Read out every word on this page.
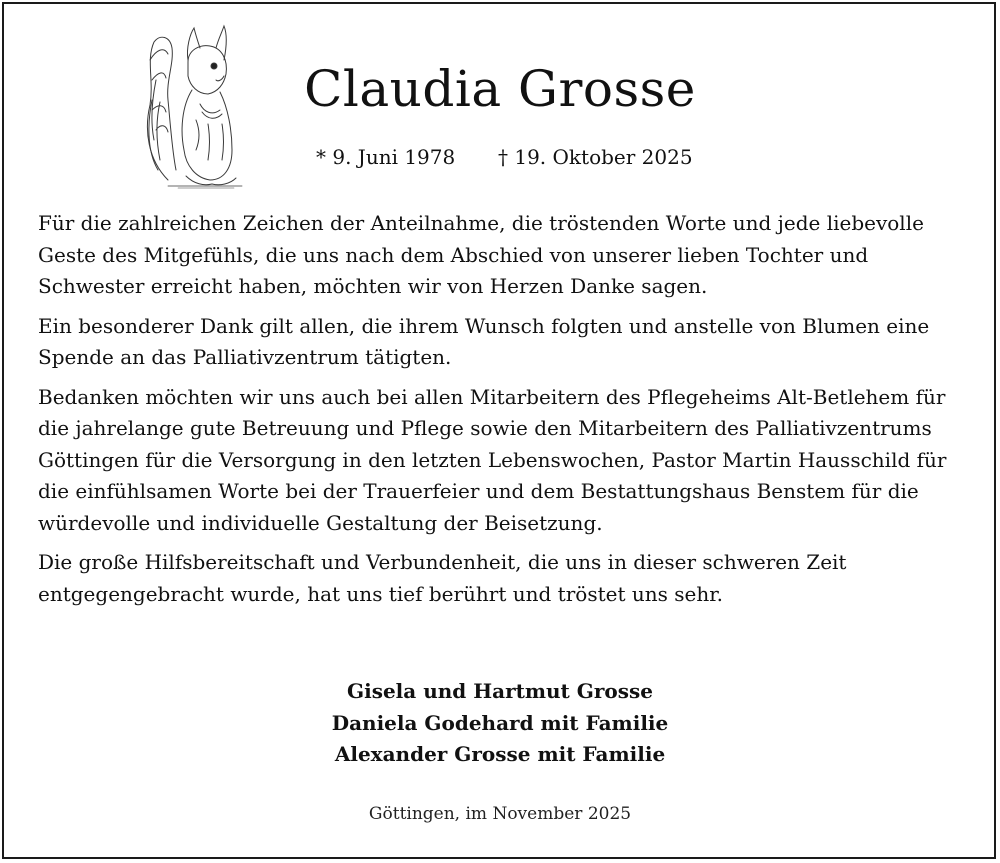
Claudia Grosse
* 9. Juni 1978 † 19. Oktober 2025

Für die zahlreichen Zeichen der Anteilnahme, die tröstenden Worte und jede liebevolle Geste des Mitgefühls, die uns nach dem Abschied von unserer lieben Tochter und Schwester erreicht haben, möchten wir von Herzen Danke sagen.

Ein besonderer Dank gilt allen, die ihrem Wunsch folgten und anstelle von Blumen eine Spende an das Palliativzentrum tätigten.

Bedanken möchten wir uns auch bei allen Mitarbeitern des Pflegeheims Alt-Betlehem für die jahrelange gute Betreuung und Pflege sowie den Mitarbeitern des Palliativzentrums Göttingen für die Versorgung in den letzten Lebenswochen, Pastor Martin Hausschild für die einfühlsamen Worte bei der Trauerfeier und dem Bestattungshaus Benstem für die würdevolle und individuelle Gestaltung der Beisetzung.

Die große Hilfsbereitschaft und Verbundenheit, die uns in dieser schweren Zeit entgegengebracht wurde, hat uns tief berührt und tröstet uns sehr.

Gisela und Hartmut Grosse
Daniela Godehard mit Familie
Alexander Grosse mit Familie
Göttingen, im November 2025
